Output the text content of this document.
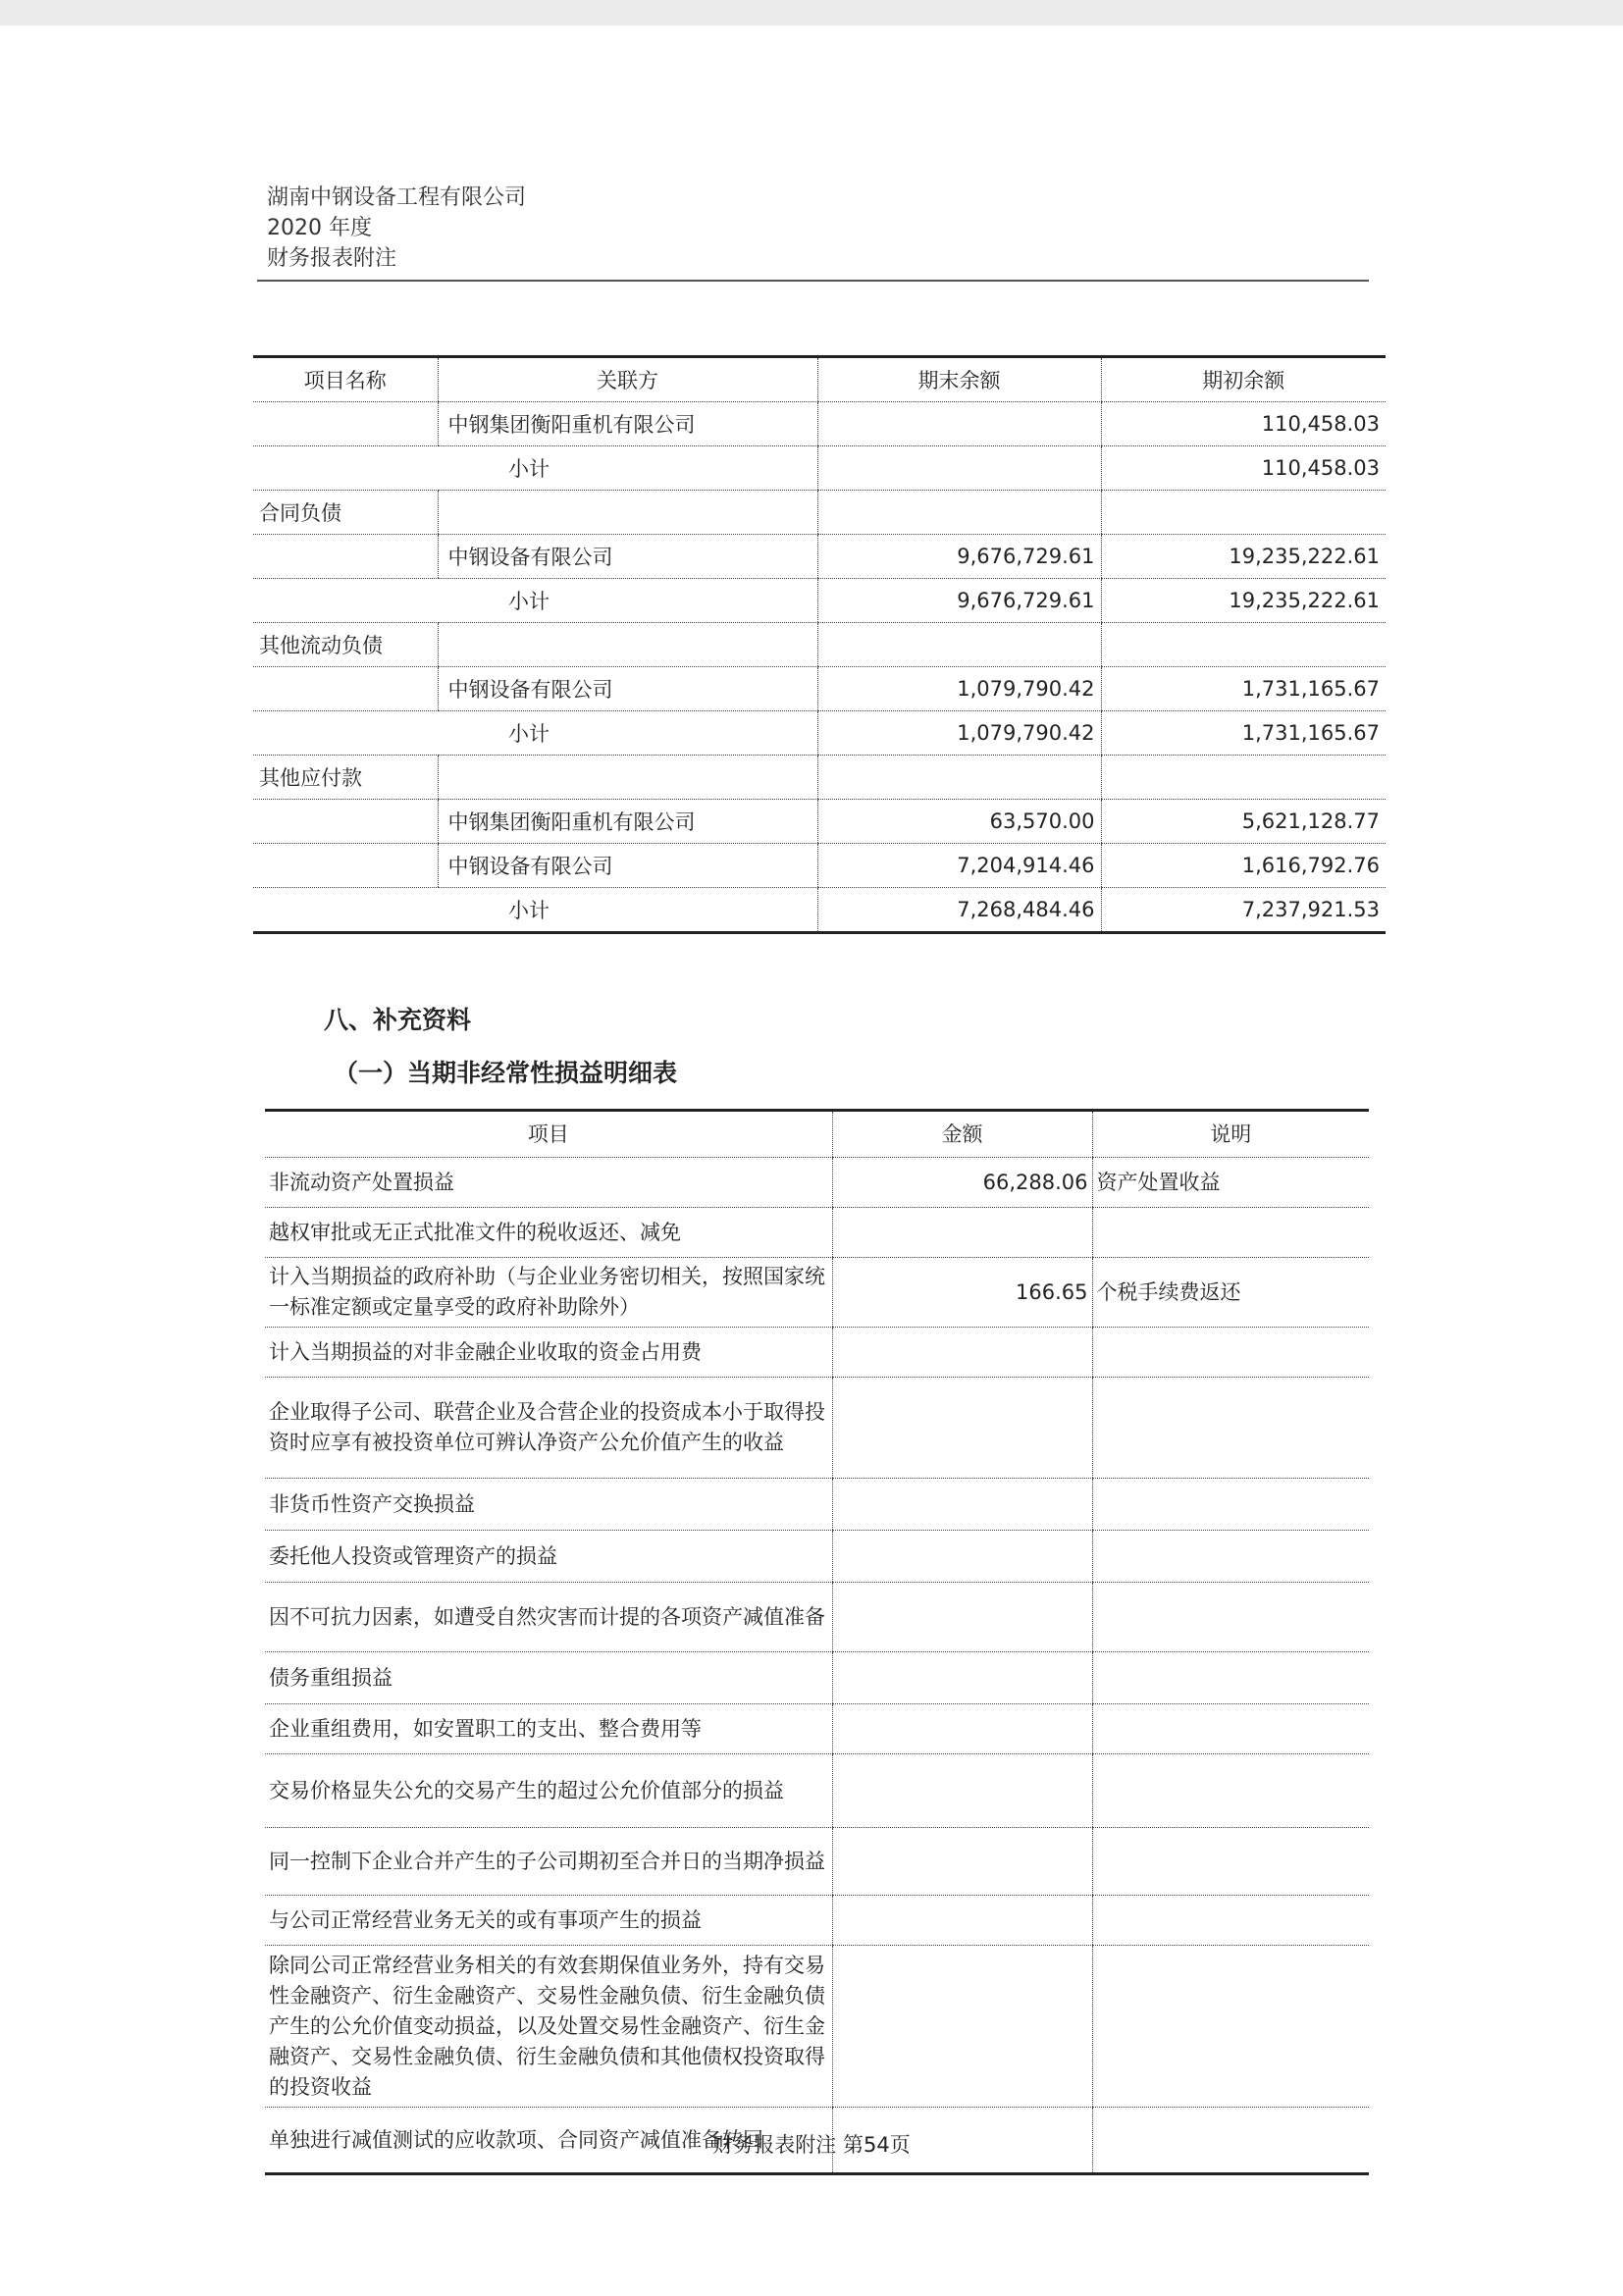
湖南中钢设备工程有限公司
2020 年度
财务报表附注
项目名称	关联方	期末余额	期初余额
	中钢集团衡阳重机有限公司		110,458.03
小计			110,458.03
合同负债			
	中钢设备有限公司	9,676,729.61	19,235,222.61
小计		9,676,729.61	19,235,222.61
其他流动负债			
	中钢设备有限公司	1,079,790.42	1,731,165.67
小计		1,079,790.42	1,731,165.67
其他应付款			
	中钢集团衡阳重机有限公司	63,570.00	5,621,128.77
	中钢设备有限公司	7,204,914.46	1,616,792.76
小计		7,268,484.46	7,237,921.53
八、补充资料
（一）当期非经常性损益明细表
项目	金额	说明
非流动资产处置损益	66,288.06	资产处置收益
越权审批或无正式批准文件的税收返还、减免		
计入当期损益的政府补助（与企业业务密切相关，按照国家统一标准定额或定量享受的政府补助除外）	166.65	个税手续费返还
计入当期损益的对非金融企业收取的资金占用费		
企业取得子公司、联营企业及合营企业的投资成本小于取得投资时应享有被投资单位可辨认净资产公允价值产生的收益		
非货币性资产交换损益		
委托他人投资或管理资产的损益		
因不可抗力因素，如遭受自然灾害而计提的各项资产减值准备		
债务重组损益		
企业重组费用，如安置职工的支出、整合费用等		
交易价格显失公允的交易产生的超过公允价值部分的损益		
同一控制下企业合并产生的子公司期初至合并日的当期净损益		
与公司正常经营业务无关的或有事项产生的损益		
除同公司正常经营业务相关的有效套期保值业务外，持有交易性金融资产、衍生金融资产、交易性金融负债、衍生金融负债产生的公允价值变动损益，以及处置交易性金融资产、衍生金融资产、交易性金融负债、衍生金融负债和其他债权投资取得的投资收益		
单独进行减值测试的应收款项、合同资产减值准备转回		
财务报表附注 第54页
